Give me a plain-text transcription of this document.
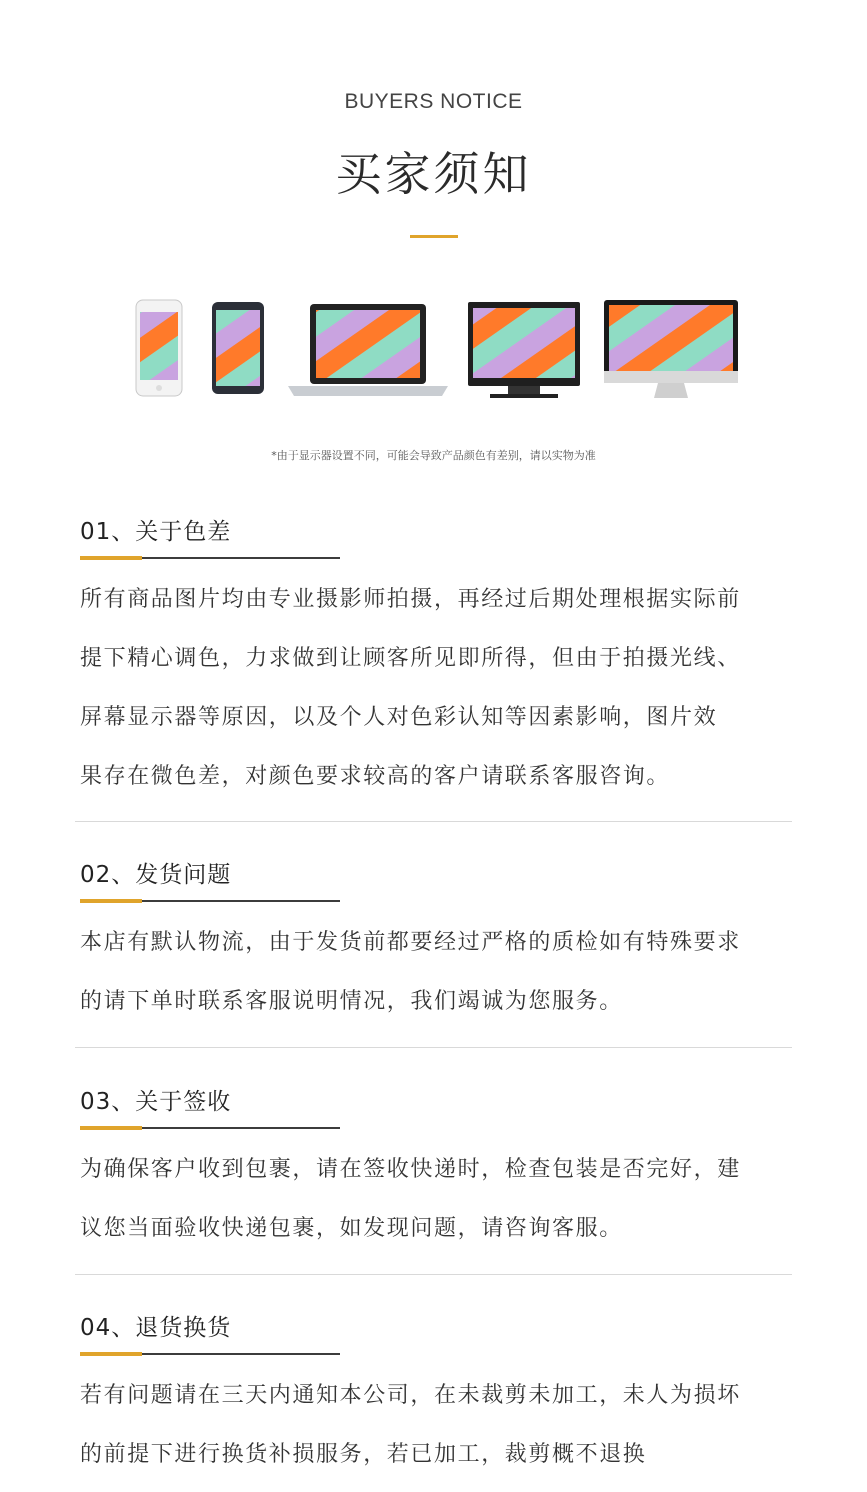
BUYERS NOTICE
买家须知
*由于显示器设置不同，可能会导致产品颜色有差别，请以实物为准
01、关于色差
所有商品图片均由专业摄影师拍摄，再经过后期处理根据实际前
提下精心调色，力求做到让顾客所见即所得，但由于拍摄光线、
屏幕显示器等原因，以及个人对色彩认知等因素影响，图片效
果存在微色差，对颜色要求较高的客户请联系客服咨询。
02、发货问题
本店有默认物流，由于发货前都要经过严格的质检如有特殊要求
的请下单时联系客服说明情况，我们竭诚为您服务。
03、关于签收
为确保客户收到包裹，请在签收快递时，检查包装是否完好，建
议您当面验收快递包裹，如发现问题，请咨询客服。
04、退货换货
若有问题请在三天内通知本公司，在未裁剪未加工，未人为损坏
的前提下进行换货补损服务，若已加工，裁剪概不退换
